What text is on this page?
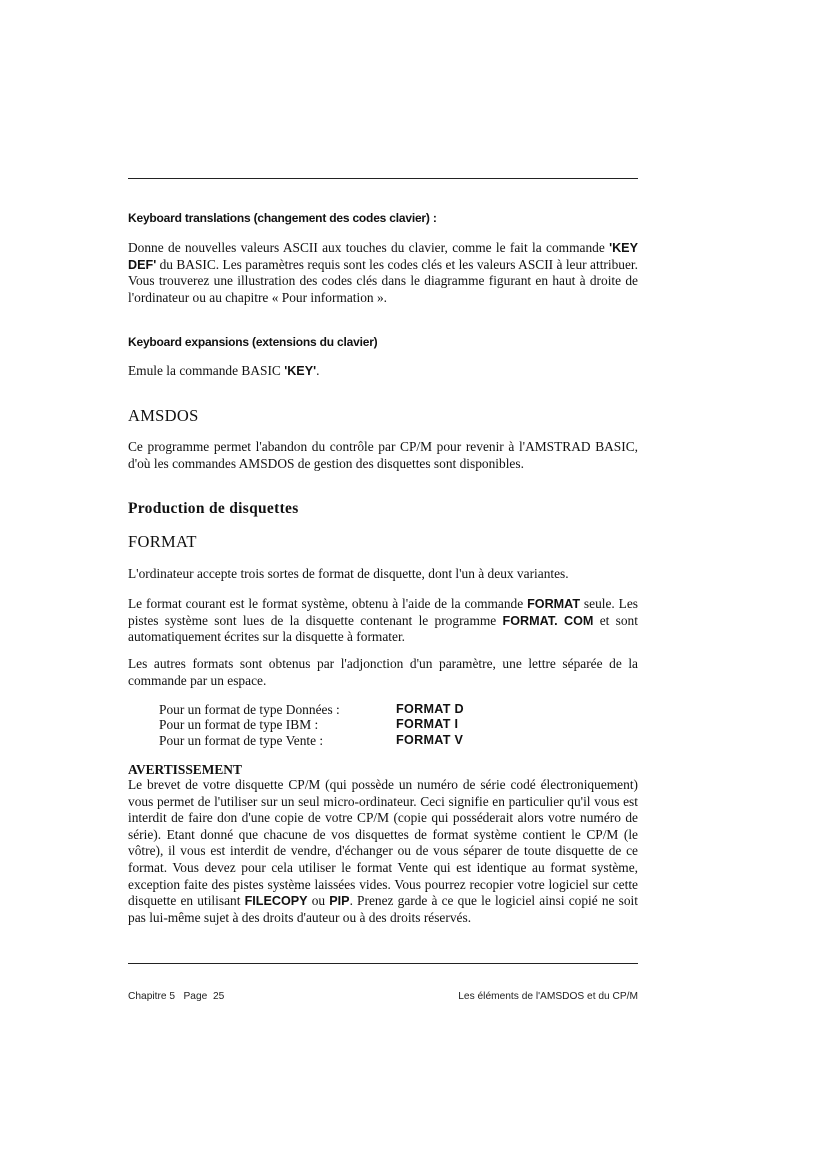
Keyboard translations (changement des codes clavier) :

Donne de nouvelles valeurs ASCII aux touches du clavier, comme le fait la commande 'KEY DEF' du BASIC. Les paramètres requis sont les codes clés et les valeurs ASCII à leur attribuer. Vous trouverez une illustration des codes clés dans le diagramme figurant en haut à droite de l'ordinateur ou au chapitre « Pour information ».

Keyboard expansions (extensions du clavier)

Emule la commande BASIC 'KEY'.

AMSDOS

Ce programme permet l'abandon du contrôle par CP/M pour revenir à l'AMSTRAD BASIC, d'où les commandes AMSDOS de gestion des disquettes sont disponibles.

Production de disquettes
FORMAT

L'ordinateur accepte trois sortes de format de disquette, dont l'un à deux variantes.

Le format courant est le format système, obtenu à l'aide de la commande FORMAT seule. Les pistes système sont lues de la disquette contenant le programme FORMAT. COM et sont automatiquement écrites sur la disquette à formater.

Les autres formats sont obtenus par l'adjonction d'un paramètre, une lettre séparée de la commande par un espace.

Pour un format de type Données :	FORMAT D
Pour un format de type IBM :	FORMAT I
Pour un format de type Vente :	FORMAT V

AVERTISSEMENT

Le brevet de votre disquette CP/M (qui possède un numéro de série codé électroniquement) vous permet de l'utiliser sur un seul micro-ordinateur. Ceci signifie en particulier qu'il vous est interdit de faire don d'une copie de votre CP/M (copie qui posséderait alors votre numéro de série). Etant donné que chacune de vos disquettes de format système contient le CP/M (le vôtre), il vous est interdit de vendre, d'échanger ou de vous séparer de toute disquette de ce format. Vous devez pour cela utiliser le format Vente qui est identique au format système, exception faite des pistes système laissées vides. Vous pourrez recopier votre logiciel sur cette disquette en utilisant FILECOPY ou PIP. Prenez garde à ce que le logiciel ainsi copié ne soit pas lui-même sujet à des droits d'auteur ou à des droits réservés.

Chapitre 5   Page  25	Les éléments de l'AMSDOS et du CP/M
